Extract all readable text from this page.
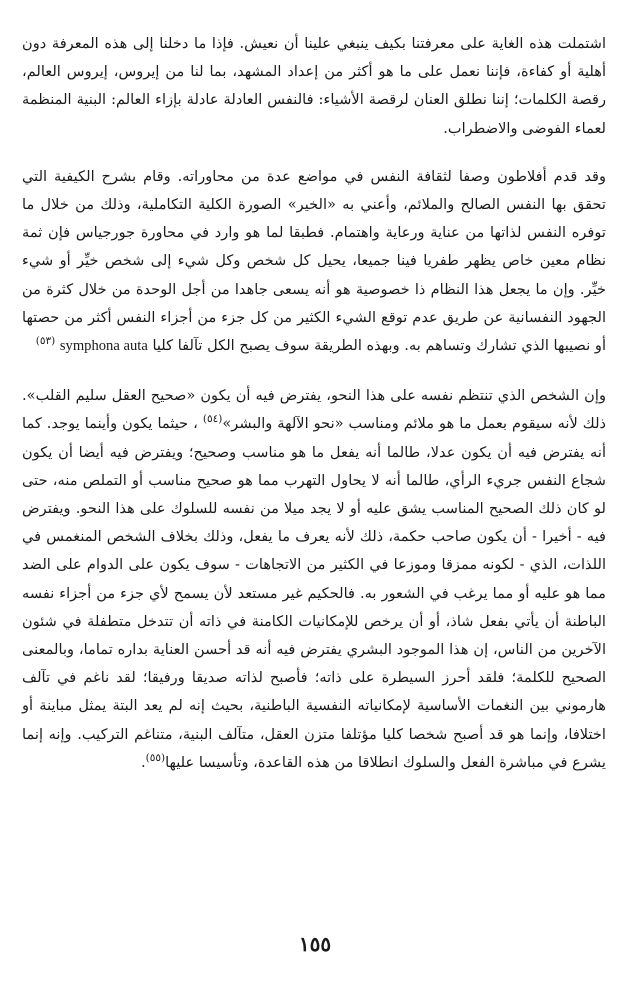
اشتملت هذه الغاية على معرفتنا بكيف ينبغي علينا أن نعيش. فإذا ما دخلنا إلى هذه المعرفة دون أهلية أو كفاءة، فإننا نعمل على ما هو أكثر من إعداد المشهد، بما لنا من إيروس، إيروس العالم، رقصة الكلمات؛ إننا نطلق العنان لرقصة الأشياء: فالنفس العادلة عادلة بإزاء العالم: البنية المنظمة لعماء الفوضى والاضطراب.

وقد قدم أفلاطون وصفا لثقافة النفس في مواضع عدة من محاوراته. وقام بشرح الكيفية التي تحقق بها النفس الصالح والملائم، وأعني به «الخير» الصورة الكلية التكاملية، وذلك من خلال ما توفره النفس لذاتها من عناية ورعاية واهتمام. فطبقا لما هو وارد في محاورة جورجياس فإن ثمة نظام معين خاص يظهر طفريا فينا جميعا، يحيل كل شخص وكل شيء إلى شخص خيِّر أو شيء خيِّر. وإن ما يجعل هذا النظام ذا خصوصية هو أنه يسعى جاهدا من أجل الوحدة من خلال كثرة من الجهود النفسانية عن طريق عدم توقع الشيء الكثير من كل جزء من أجزاء النفس أكثر من حصتها أو نصيبها الذي تشارك وتساهم به. وبهذه الطريقة سوف يصبح الكل تآلفا كليا symphona auta $^{(٥٣)}$

وإن الشخص الذي تنتظم نفسه على هذا النحو، يفترض فيه أن يكون «صحيح العقل سليم القلب». ذلك لأنه سيقوم بعمل ما هو ملائم ومناسب «نحو الآلهة والبشر»$^{(٥٤)}$ ، حيثما يكون وأينما يوجد. كما أنه يفترض فيه أن يكون عدلا، طالما أنه يفعل ما هو مناسب وصحيح؛ ويفترض فيه أيضا أن يكون شجاع النفس جريء الرأي، طالما أنه لا يحاول التهرب مما هو صحيح مناسب أو التملص منه، حتى لو كان ذلك الصحيح المناسب يشق عليه أو لا يجد ميلا من نفسه للسلوك على هذا النحو. ويفترض فيه - أخيرا - أن يكون صاحب حكمة، ذلك لأنه يعرف ما يفعل، وذلك بخلاف الشخص المنغمس في اللذات، الذي - لكونه ممزقا وموزعا في الكثير من الاتجاهات - سوف يكون على الدوام على الضد مما هو عليه أو مما يرغب في الشعور به. فالحكيم غير مستعد لأن يسمح لأي جزء من أجزاء نفسه الباطنة أن يأتي بفعل شاذ، أو أن يرخص للإمكانيات الكامنة في ذاته أن تتدخل متطفلة في شئون الآخرين من الناس، إن هذا الموجود البشري يفترض فيه أنه قد أحسن العناية بداره تماما، وبالمعنى الصحيح للكلمة؛ فلقد أحرز السيطرة على ذاته؛ فأصبح لذاته صديقا ورفيقا؛ لقد ناغم في تآلف هارموني بين النغمات الأساسية لإمكانياته النفسية الباطنية، بحيث إنه لم يعد البتة يمثل مباينة أو اختلافا، وإنما هو قد أصبح شخصا كليا مؤتلفا متزن العقل، متآلف البنية، متناغم التركيب. وإنه إنما يشرع في مباشرة الفعل والسلوك انطلاقا من هذه القاعدة، وتأسيسا عليها$^{(٥٥)}$.

١٥٥
